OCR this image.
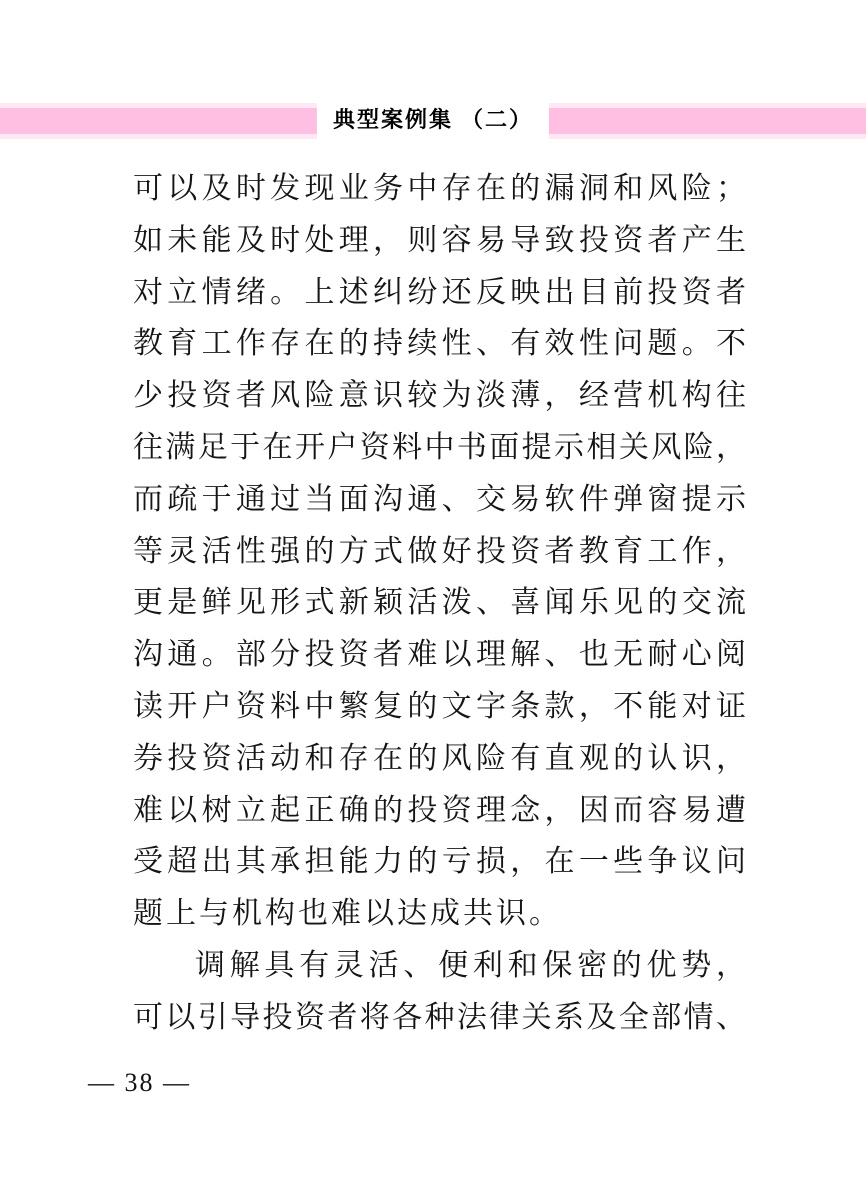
典型案例集 （二）
可以及时发现业务中存在的漏洞和风险；
如未能及时处理，则容易导致投资者产生
对立情绪。上述纠纷还反映出目前投资者
教育工作存在的持续性、有效性问题。不
少投资者风险意识较为淡薄，经营机构往
往满足于在开户资料中书面提示相关风险，
而疏于通过当面沟通、交易软件弹窗提示
等灵活性强的方式做好投资者教育工作，
更是鲜见形式新颖活泼、喜闻乐见的交流
沟通。部分投资者难以理解、也无耐心阅
读开户资料中繁复的文字条款，不能对证
券投资活动和存在的风险有直观的认识，
难以树立起正确的投资理念，因而容易遭
受超出其承担能力的亏损，在一些争议问
题上与机构也难以达成共识。
调解具有灵活、便利和保密的优势，
可以引导投资者将各种法律关系及全部情、
— 38 —
